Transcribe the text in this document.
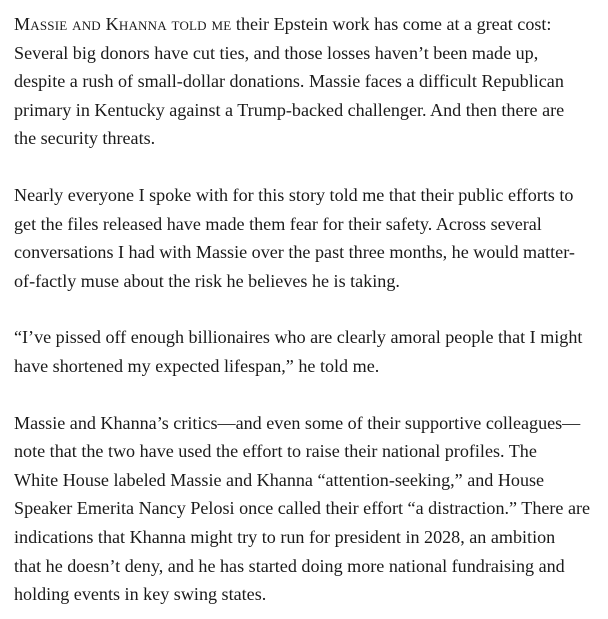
Massie and Khanna told me their Epstein work has come at a great cost:
Several big donors have cut ties, and those losses haven’t been made up,
despite a rush of small-dollar donations. Massie faces a difficult Republican
primary in Kentucky against a Trump-backed challenger. And then there are
the security threats.

Nearly everyone I spoke with for this story told me that their public efforts to
get the files released have made them fear for their safety. Across several
conversations I had with Massie over the past three months, he would matter-
of-factly muse about the risk he believes he is taking.

“I’ve pissed off enough billionaires who are clearly amoral people that I might
have shortened my expected lifespan,” he told me.

Massie and Khanna’s critics—and even some of their supportive colleagues—
note that the two have used the effort to raise their national profiles. The
White House labeled Massie and Khanna “attention-seeking,” and House
Speaker Emerita Nancy Pelosi once called their effort “a distraction.” There are
indications that Khanna might try to run for president in 2028, an ambition
that he doesn’t deny, and he has started doing more national fundraising and
holding events in key swing states.
